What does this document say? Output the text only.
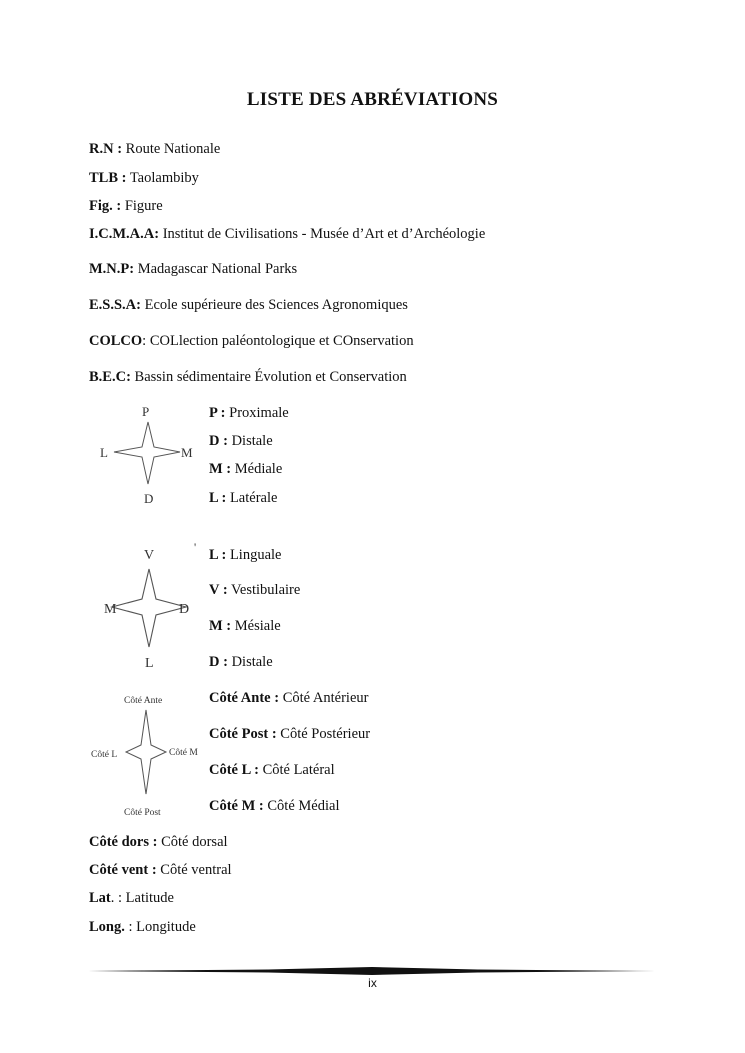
LISTE DES ABRÉVIATIONS
R.N : Route Nationale
TLB : Taolambiby
Fig. : Figure
I.C.M.A.A: Institut de Civilisations - Musée d’Art et d’Archéologie
M.N.P: Madagascar National Parks
E.S.S.A: Ecole supérieure des Sciences Agronomiques
COLCO: COLlection paléontologique et COnservation
B.E.C: Bassin sédimentaire Évolution et Conservation
P
D
L	M
P : Proximale
D : Distale
M : Médiale
L : Latérale
V
L
M	D
' L : Linguale
V : Vestibulaire
M : Mésiale
D : Distale
Côté Ante
Côté Post
Côté L	Côté M
Côté Ante : Côté Antérieur
Côté Post : Côté Postérieur
Côté L : Côté Latéral
Côté M : Côté Médial
Côté dors : Côté dorsal
Côté vent : Côté ventral
Lat. : Latitude
Long. : Longitude
ix
